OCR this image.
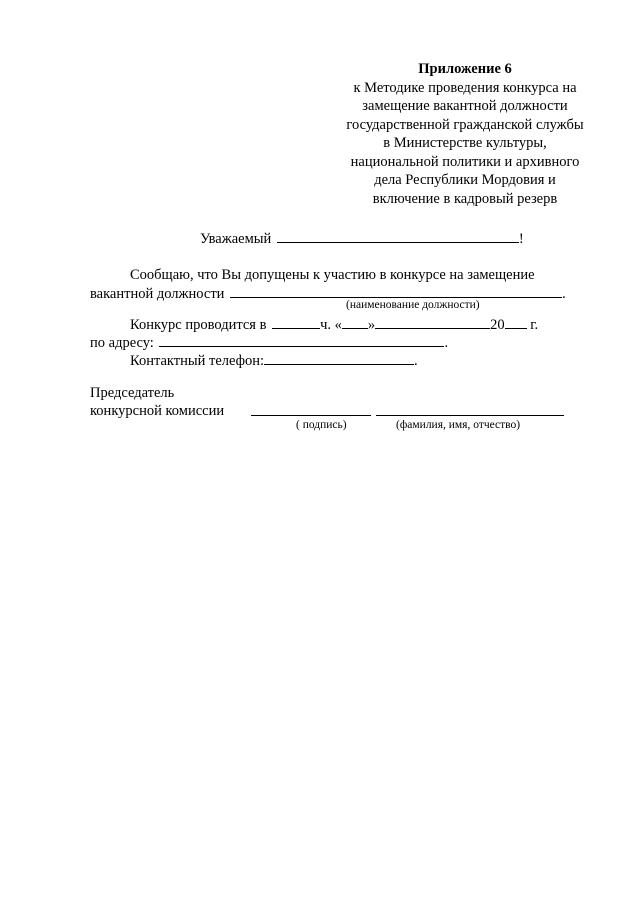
Приложение 6
к Методике проведения конкурса на
замещение вакантной должности
государственной гражданской службы
в Министерстве культуры,
национальной политики и архивного
дела Республики Мордовия и
включение в кадровый резерв
Уважаемый	!
Сообщаю, что Вы допущены к участию в конкурсе на замещение
вакантной должности	.
(наименование должности)
Конкурс проводится в	ч. « »	20 г.
по адресу:	.
Контактный телефон:	.
Председатель
конкурсной комиссии
( подпись)	(фамилия, имя, отчество)
